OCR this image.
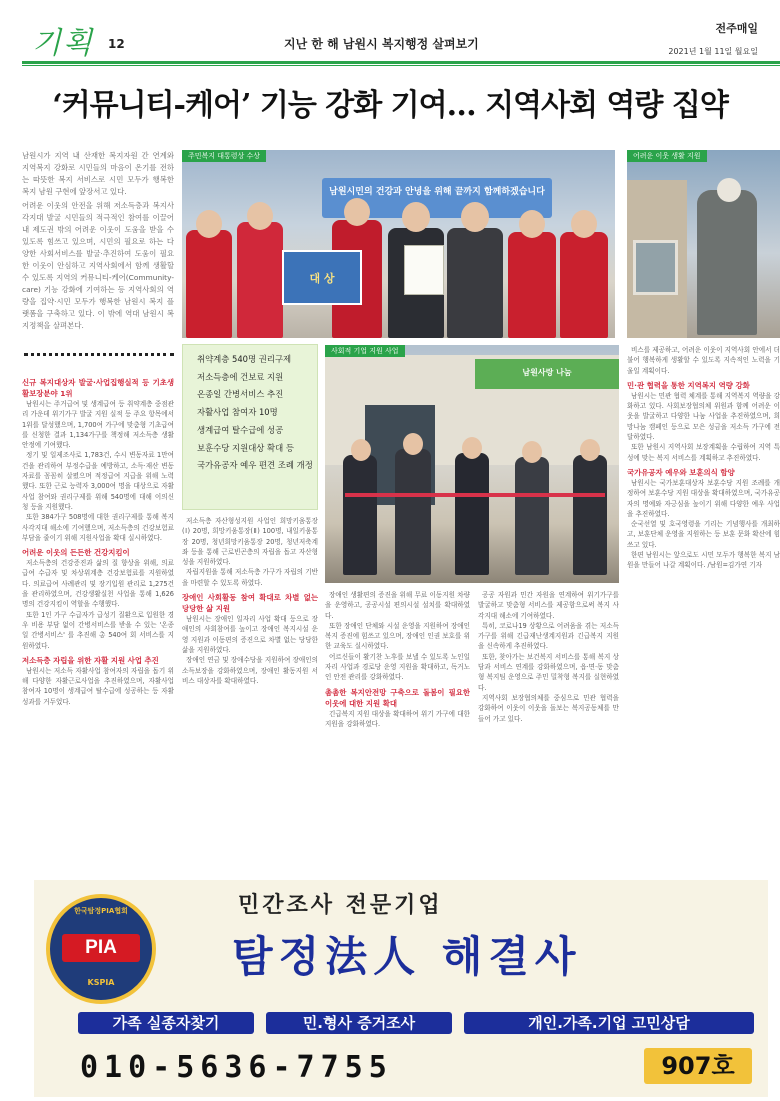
기획 12	지난 한 해 남원시 복지행정 살펴보기
전주매일
2021년 1월 11일 월요일
‘커뮤니티-케어’ 기능 강화 기여… 지역사회 역량 집약

남원시가 지역 내 산재한 복지자원 간 연계와 지역복지 강화로 시민들의 마음이 온기를 전하는 따뜻한 복지 서비스로 시민 모두가 행복한 복지 남원 구현에 앞장서고 있다.

어려운 이웃의 안전을 위해 저소득층과 복지사각지대 발굴 시민들의 적극적인 참여를 이끌어내 제도권 밖의 어려운 이웃이 도움을 받을 수 있도록 힘쓰고 있으며, 시민의 필요로 하는 다양한 사회서비스를 발굴·추진하여 도움이 필요한 이웃이 안심하고 지역사회에서 함께 생활할 수 있도록 지역의 커뮤니티-케어(Community-care) 기능 강화에 기여하는 등 지역사회의 역량을 집약·시민 모두가 행복한 남원시 복지 플랫폼을 구축하고 있다. 이 밖에 역대 남원시 복지정책을 살펴본다.

주민복지 대통령상 수상
남원시민의 건강과 안녕을 위해 끝까지 함께하겠습니다
대 상
어려운 이웃 생활 지원
취약계층 540명 권리구제
저소득층에 건보료 지원
온종일 간병서비스 추진
자활사업 참여자 10명
생계급여 탈수급에 성공
보훈수당 지원대상 확대 등
국가유공자 예우 편견 조례 개정
사회적 기업 지원 사업
남원사랑 나눔

신규 복지대상자 발굴·사업집행실적 등 기초생활보장분야 1위

남원시는 주거급여 및 생계급여 등 취약계층 중점관리 가운데 위기가구 발굴 지원 실적 등 주요 항목에서 1위를 달성했으며, 1,700여 가구에 맞춤형 기초급여를 신청한 결과 1,134가구를 책정해 저소득층 생활안정에 기여했다.

정기 및 일제조사로 1,783건, 수시 변동자료 1만여 건을 관리하여 부정수급을 예방하고, 소득·재산 변동자료를 꼼꼼히 살폈으며 적정급여 지급을 위해 노력했다. 또한 근로 능력자 3,000여 명을 대상으로 자활사업 참여와 권리구제를 위해 540명에 대해 이의신청 등을 지원했다.

또한 384가구 508명에 대한 권리구제를 통해 복지 사각지대 해소에 기여했으며, 저소득층의 건강보험료 부담을 줄이기 위해 지원사업을 확대 실시하였다.

어려운 이웃의 든든한 건강지킴이

저소득층의 건강증진과 삶의 질 향상을 위해, 의료급여 수급자 및 차상위계층 건강보험료를 지원하였다. 의료급여 사례관리 및 장기입원 관리로 1,275건을 관리하였으며, 건강생활실천 사업을 통해 1,626명의 건강지킴이 역할을 수행했다.

또한 1인 가구 수급자가 급성기 질환으로 입원한 경우 비용 부담 없이 간병서비스를 받을 수 있는 '온종일 간병서비스' 를 추진해 총 540여 회 서비스를 지원하였다.

저소득층 자립을 위한 자활 지원 사업 추진

남원시는 저소득 자활사업 참여자의 자립을 돕기 위해 다양한 자활근로사업을 추진하였으며, 자활사업 참여자 10명이 생계급여 탈수급에 성공하는 등 자활 성과를 거두었다.

저소득층 자산형성지원 사업인 희망키움통장(Ⅰ) 20명, 희망키움통장(Ⅱ) 100명, 내일키움통장 20명, 청년희망키움통장 20명, 청년저축계좌 등을 통해 근로빈곤층의 자립을 돕고 자산형성을 지원하였다.

자립지원을 통해 저소득층 가구가 자립의 기반을 마련할 수 있도록 하였다.

장애인 사회활동 참여 확대로 차별 없는 당당한 삶 지원

남원시는 장애인 일자리 사업 확대 등으로 장애인의 사회참여를 높이고 장애인 복지시설 운영 지원과 이동편의 증진으로 차별 없는 당당한 삶을 지원하였다.

장애인 연금 및 장애수당을 지원하여 장애인의 소득보장을 강화하였으며, 장애인 활동지원 서비스 대상자를 확대하였다.

장애인 생활편의 증진을 위해 무료 이동지원 차량을 운영하고, 공공시설 편의시설 설치를 확대하였다.

또한 장애인 단체와 시설 운영을 지원하여 장애인 복지 증진에 힘쓰고 있으며, 장애인 인권 보호를 위한 교육도 실시하였다.

어르신들이 활기찬 노후를 보낼 수 있도록 노인일자리 사업과 경로당 운영 지원을 확대하고, 독거노인 안전 관리를 강화하였다.

촘촘한 복지안전망 구축으로 돌봄이 필요한 이웃에 대한 지원 확대

긴급복지 지원 대상을 확대하여 위기 가구에 대한 지원을 강화하였다.

공공 자원과 민간 자원을 연계하여 위기가구를 발굴하고 맞춤형 서비스를 제공함으로써 복지 사각지대 해소에 기여하였다.

특히, 코로나19 상황으로 어려움을 겪는 저소득 가구를 위해 긴급재난생계지원과 긴급복지 지원을 신속하게 추진하였다.

또한, 찾아가는 보건복지 서비스를 통해 복지 상담과 서비스 연계를 강화하였으며, 읍·면·동 맞춤형 복지팀 운영으로 주민 밀착형 복지를 실현하였다.

지역사회 보장협의체를 중심으로 민관 협력을 강화하여 이웃이 이웃을 돌보는 복지공동체를 만들어 가고 있다.

비스를 제공하고, 어려운 이웃이 지역사회 안에서 더불어 행복하게 생활할 수 있도록 지속적인 노력을 기울일 계획이다.

민·관 협력을 통한 지역복지 역량 강화

남원시는 민관 협력 체계를 통해 지역복지 역량을 강화하고 있다. 사회보장협의체 위원과 함께 어려운 이웃을 발굴하고 다양한 나눔 사업을 추진하였으며, 희망나눔 캠페인 등으로 모은 성금을 저소득 가구에 전달하였다.

또한 남원시 지역사회 보장계획을 수립하여 지역 특성에 맞는 복지 서비스를 계획하고 추진하였다.

국가유공자 예우와 보훈의식 함양

남원시는 국가보훈대상자 보훈수당 지원 조례를 개정하여 보훈수당 지원 대상을 확대하였으며, 국가유공자의 명예와 자긍심을 높이기 위해 다양한 예우 사업을 추진하였다.

순국선열 및 호국영령을 기리는 기념행사를 개최하고, 보훈단체 운영을 지원하는 등 보훈 문화 확산에 힘쓰고 있다.

한편 남원시는 앞으로도 시민 모두가 행복한 복지 남원을 만들어 나갈 계획이다. /남원=김가연 기자

한국탐정PIA협회
PIA
KSPIA
민간조사 전문기업
탐정法人 해결사
가족 실종자찾기	민.형사 증거조사	개인.가족.기업 고민상담
010-5636-7755	907호
